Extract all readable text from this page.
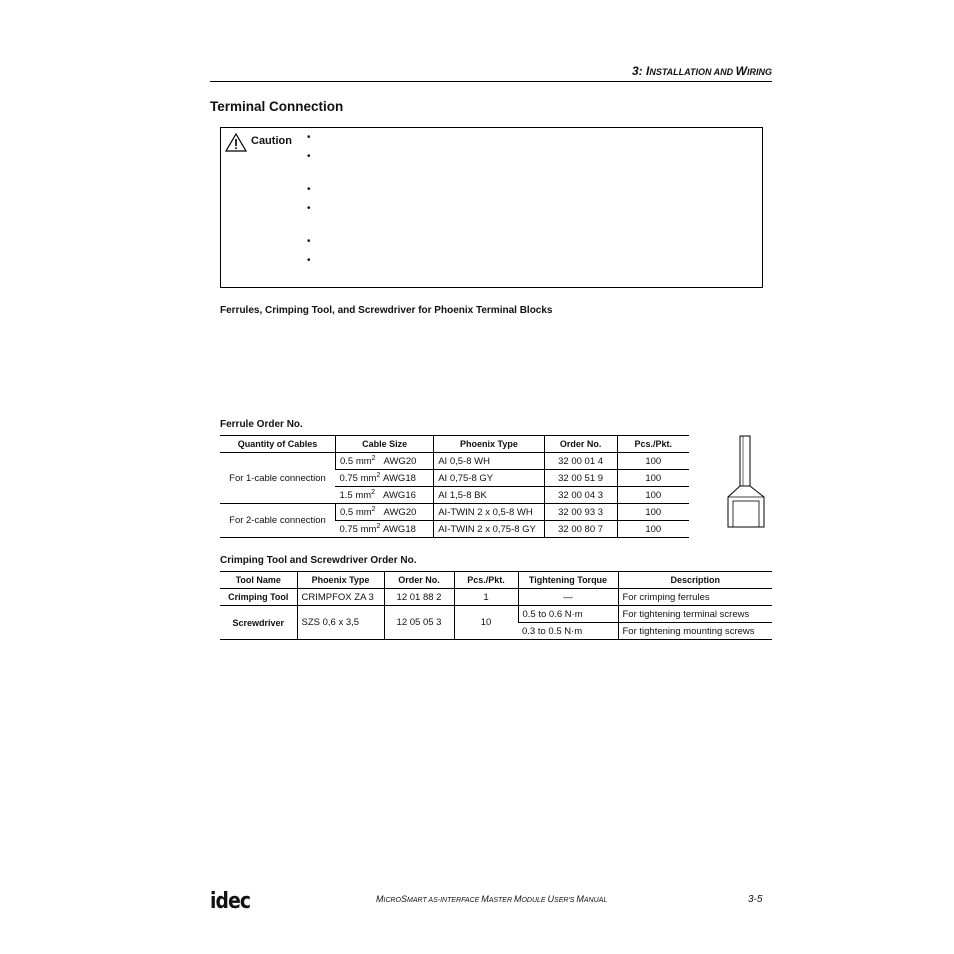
3: INSTALLATION AND WIRING
Terminal Connection
Caution •
•
•
•
•
•
Ferrules, Crimping Tool, and Screwdriver for Phoenix Terminal Blocks
Ferrule Order No.
Quantity of Cables	Cable Size	Phoenix Type	Order No.	Pcs./Pkt.
For 1-cable connection	0.5 $mm^2$ AWG20	AI 0,5-8 WH	32 00 01 4	100
	0.75 $mm^2$ AWG18	AI 0,75-8 GY	32 00 51 9	100
	1.5 $mm^2$ AWG16	AI 1,5-8 BK	32 00 04 3	100
For 2-cable connection	0.5 $mm^2$ AWG20	AI-TWIN 2 x 0,5-8 WH	32 00 93 3	100
	0.75 $mm^2$ AWG18	AI-TWIN 2 x 0,75-8 GY	32 00 80 7	100
Crimping Tool and Screwdriver Order No.
Tool Name	Phoenix Type	Order No.	Pcs./Pkt.	Tightening Torque	Description
Crimping Tool	CRIMPFOX ZA 3	12 01 88 2	1	—	For crimping ferrules
Screwdriver	SZS 0,6 x 3,5	12 05 05 3	10	0.5 to 0.6 N·m	For tightening terminal screws
				0.3 to 0.5 N·m	For tightening mounting screws
idec	MICROSMART AS-INTERFACE MASTER MODULE USER'S MANUAL	3-5
